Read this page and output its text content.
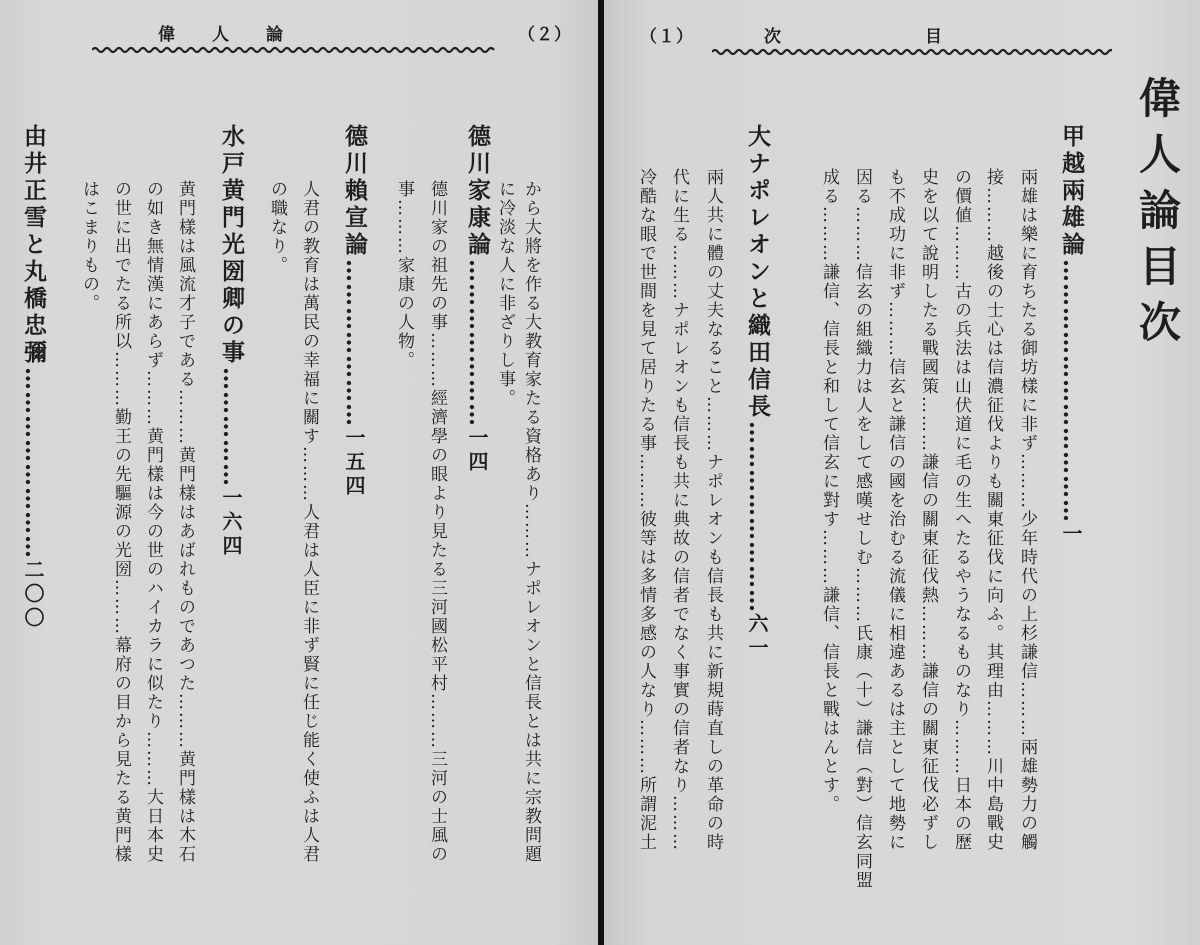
偉　　人　　論	（２）
德川家康論…………………一四 から大將を作る大教育家たる資格あり………ナポレオンと信長とは共に宗教問題
に冷淡な人に非ざりし事。
德川家の祖先の事………經濟學の眼より見たる三河國松平村………三河の士風の
事………家康の人物。
德川賴宣論…………………一五四
人君の教育は萬民の幸福に關す………人君は人臣に非ず賢に任じ能く使ふは人君
の職なり。
水戸黄門光圀卿の事……………一六四
黄門樣は風流才子である………黄門樣はあばれものであつた………黄門樣は木石
の如き無情漢にあらず………黄門樣は今の世のハイカラに似たり………大日本史
の世に出でたる所以………勤王の先驅源の光圀………幕府の目から見たる黄門樣
はこまりもの。
由井正雪と丸橋忠彌……………………二〇〇
（１）	次　　　　　　目
偉人論目次
甲越兩雄論……………………………一
兩雄は樂に育ちたる御坊樣に非ず………少年時代の上杉謙信………兩雄勢力の觸
接………越後の士心は信濃征伐よりも關東征伐に向ふ。其理由………川中島戰史
の價値………古の兵法は山伏道に毛の生へたるやうなるものなり………日本の歷
史を以て說明したる戰國策………謙信の關東征伐熱………謙信の關東征伐必ずし
も不成功に非ず………信玄と謙信の國を治むる流儀に相違あるは主として地勢に
因る………信玄の組織力は人をして感嘆せしむ………氏康（十）謙信（對）信玄同盟
成る………謙信、信長と和して信玄に對す………謙信、信長と戰はんとす。
大ナポレオンと織田信長……………………六一
兩人共に體の丈夫なること………ナポレオンも信長も共に新規蒔直しの革命の時
代に生る………ナポレオンも信長も共に典故の信者でなく事實の信者なり………
冷酷な眼で世間を見て居りたる事………彼等は多情多感の人なり………所謂泥土
